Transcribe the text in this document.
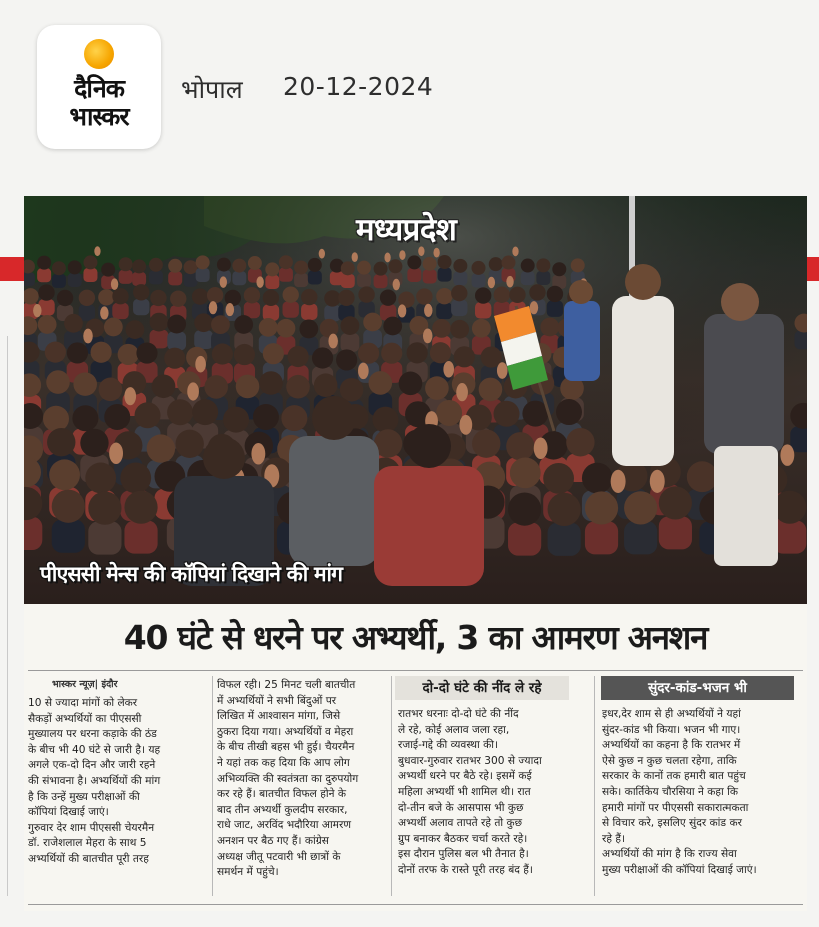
दैनिक
भास्कर
भोपाल 20-12-2024
मध्यप्रदेश
पीएससी मेन्स की कॉपियां दिखाने की मांग
40 घंटे से धरने पर अभ्यर्थी, 3 का आमरण अनशन
भास्कर न्यूज़| इंदौर
10 से ज्यादा मांगों को लेकर
सैकड़ों अभ्यर्थियों का पीएससी
मुख्यालय पर धरना कड़ाके की ठंड
के बीच भी 40 घंटे से जारी है। यह
अगले एक-दो दिन और जारी रहने
की संभावना है। अभ्यर्थियों की मांग
है कि उन्हें मुख्य परीक्षाओं की
कॉपियां दिखाई जाएं।
गुरुवार देर शाम पीएससी चेयरमैन
डॉ. राजेशलाल मेहरा के साथ 5
अभ्यर्थियों की बातचीत पूरी तरह
विफल रही। 25 मिनट चली बातचीत
में अभ्यर्थियों ने सभी बिंदुओं पर
लिखित में आश्वासन मांगा, जिसे
ठुकरा दिया गया। अभ्यर्थियों व मेहरा
के बीच तीखी बहस भी हुई। चैयरमैन
ने यहां तक कह दिया कि आप लोग
अभिव्यक्ति की स्वतंत्रता का दुरुपयोग
कर रहे हैं। बातचीत विफल होने के
बाद तीन अभ्यर्थी कुलदीप सरकार,
राधे जाट, अरविंद भदौरिया आमरण
अनशन पर बैठ गए हैं। कांग्रेस
अध्यक्ष जीतू पटवारी भी छात्रों के
समर्थन में पहुंचे।
दो-दो घंटे की नींद ले रहे
रातभर धरनाः दो-दो घंटे की नींद
ले रहे, कोई अलाव जला रहा,
रजाई-गद्दे की व्यवस्था की।
बुधवार-गुरुवार रातभर 300 से ज्यादा
अभ्यर्थी धरने पर बैठे रहे। इसमें कई
महिला अभ्यर्थी भी शामिल थी। रात
दो-तीन बजे के आसपास भी कुछ
अभ्यर्थी अलाव तापते रहे तो कुछ
ग्रुप बनाकर बैठकर चर्चा करते रहे।
इस दौरान पुलिस बल भी तैनात है।
दोनों तरफ के रास्ते पूरी तरह बंद हैं।
सुंदर-कांड-भजन भी
इधर,देर शाम से ही अभ्यर्थियों ने यहां
सुंदर-कांड भी किया। भजन भी गाए।
अभ्यर्थियों का कहना है कि रातभर में
ऐसे कुछ न कुछ चलता रहेगा, ताकि
सरकार के कानों तक हमारी बात पहुंच
सके। कार्तिकेय चौरसिया ने कहा कि
हमारी मांगों पर पीएससी सकारात्मकता
से विचार करे, इसलिए सुंदर कांड कर
रहे हैं।
अभ्यर्थियों की मांग है कि राज्य सेवा
मुख्य परीक्षाओं की कॉपियां दिखाई जाएं।
